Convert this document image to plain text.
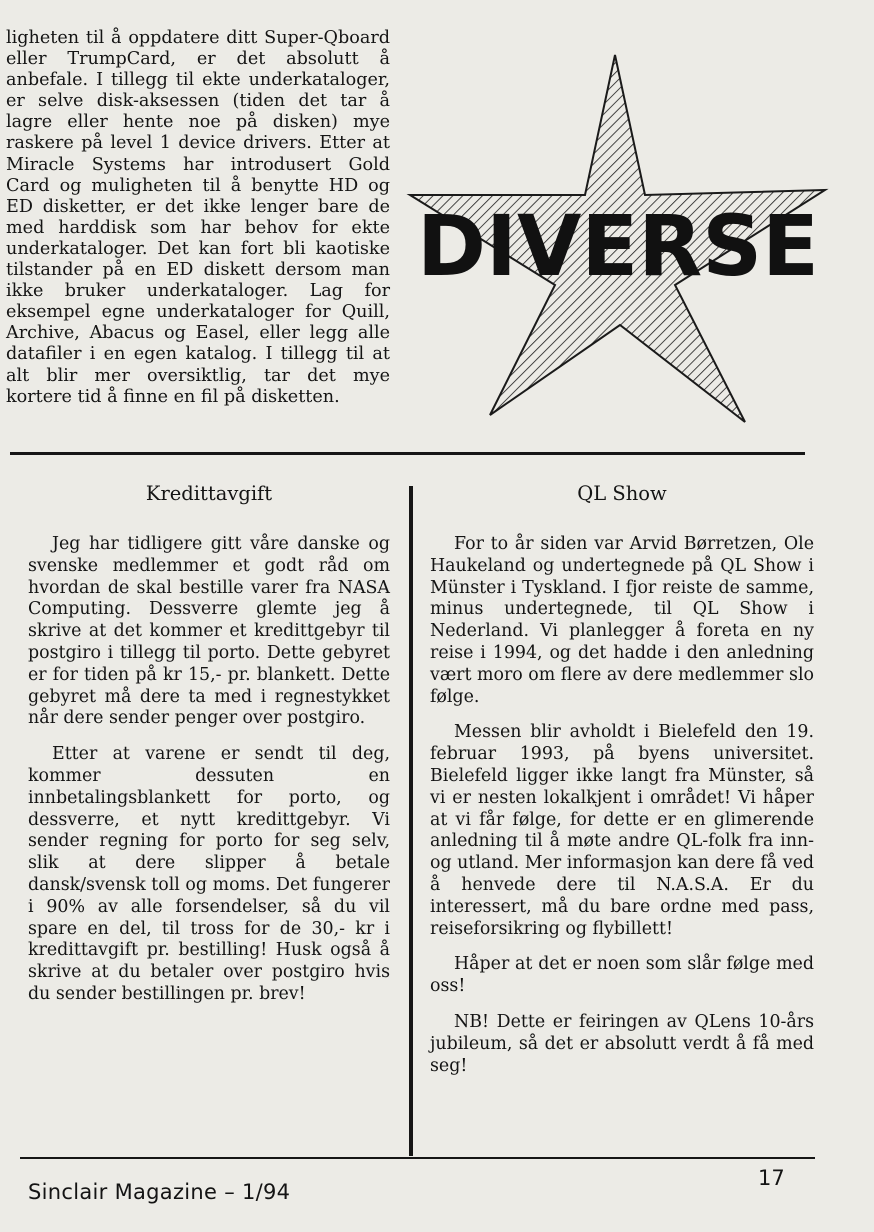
ligheten til å oppdatere ditt Super-Qboard eller TrumpCard, er det absolutt å anbefale. I tillegg til ekte underkataloger, er selve disk-aksessen (tiden det tar å lagre eller hente noe på disken) mye raskere på level 1 device drivers. Etter at Miracle Systems har introdusert Gold Card og muligheten til å benytte HD og ED disketter, er det ikke lenger bare de med harddisk som har behov for ekte underkataloger. Det kan fort bli kaotiske tilstander på en ED diskett dersom man ikke bruker underkataloger. Lag for eksempel egne underkataloger for Quill, Archive, Abacus og Easel, eller legg alle datafiler i en egen katalog. I tillegg til at alt blir mer oversiktlig, tar det mye kortere tid å finne en fil på disketten.

DIVERSE
Kredittavgift

Jeg har tidligere gitt våre danske og svenske medlemmer et godt råd om hvordan de skal bestille varer fra NASA Computing. Dessverre glemte jeg å skrive at det kommer et kredittgebyr til postgiro i tillegg til porto. Dette gebyret er for tiden på kr 15,- pr. blankett. Dette gebyret må dere ta med i regnestykket når dere sender penger over postgiro.

Etter at varene er sendt til deg, kommer dessuten en innbetalingsblankett for porto, og dessverre, et nytt kredittgebyr. Vi sender regning for porto for seg selv, slik at dere slipper å betale dansk/svensk toll og moms. Det fungerer i 90% av alle forsendelser, så du vil spare en del, til tross for de 30,- kr i kredittavgift pr. bestilling! Husk også å skrive at du betaler over postgiro hvis du sender bestillingen pr. brev!

QL Show

For to år siden var Arvid Børretzen, Ole Haukeland og undertegnede på QL Show i Münster i Tyskland. I fjor reiste de samme, minus undertegnede, til QL Show i Nederland. Vi planlegger å foreta en ny reise i 1994, og det hadde i den anledning vært moro om flere av dere medlemmer slo følge.

Messen blir avholdt i Bielefeld den 19. februar 1993, på byens universitet. Bielefeld ligger ikke langt fra Münster, så vi er nesten lokalkjent i området! Vi håper at vi får følge, for dette er en glimerende anledning til å møte andre QL-folk fra inn- og utland. Mer informasjon kan dere få ved å henvede dere til N.A.S.A. Er du interessert, må du bare ordne med pass, reiseforsikring og flybillett!

Håper at det er noen som slår følge med oss!

NB! Dette er feiringen av QLens 10-års jubileum, så det er absolutt verdt å få med seg!

Sinclair Magazine – 1/94
17
